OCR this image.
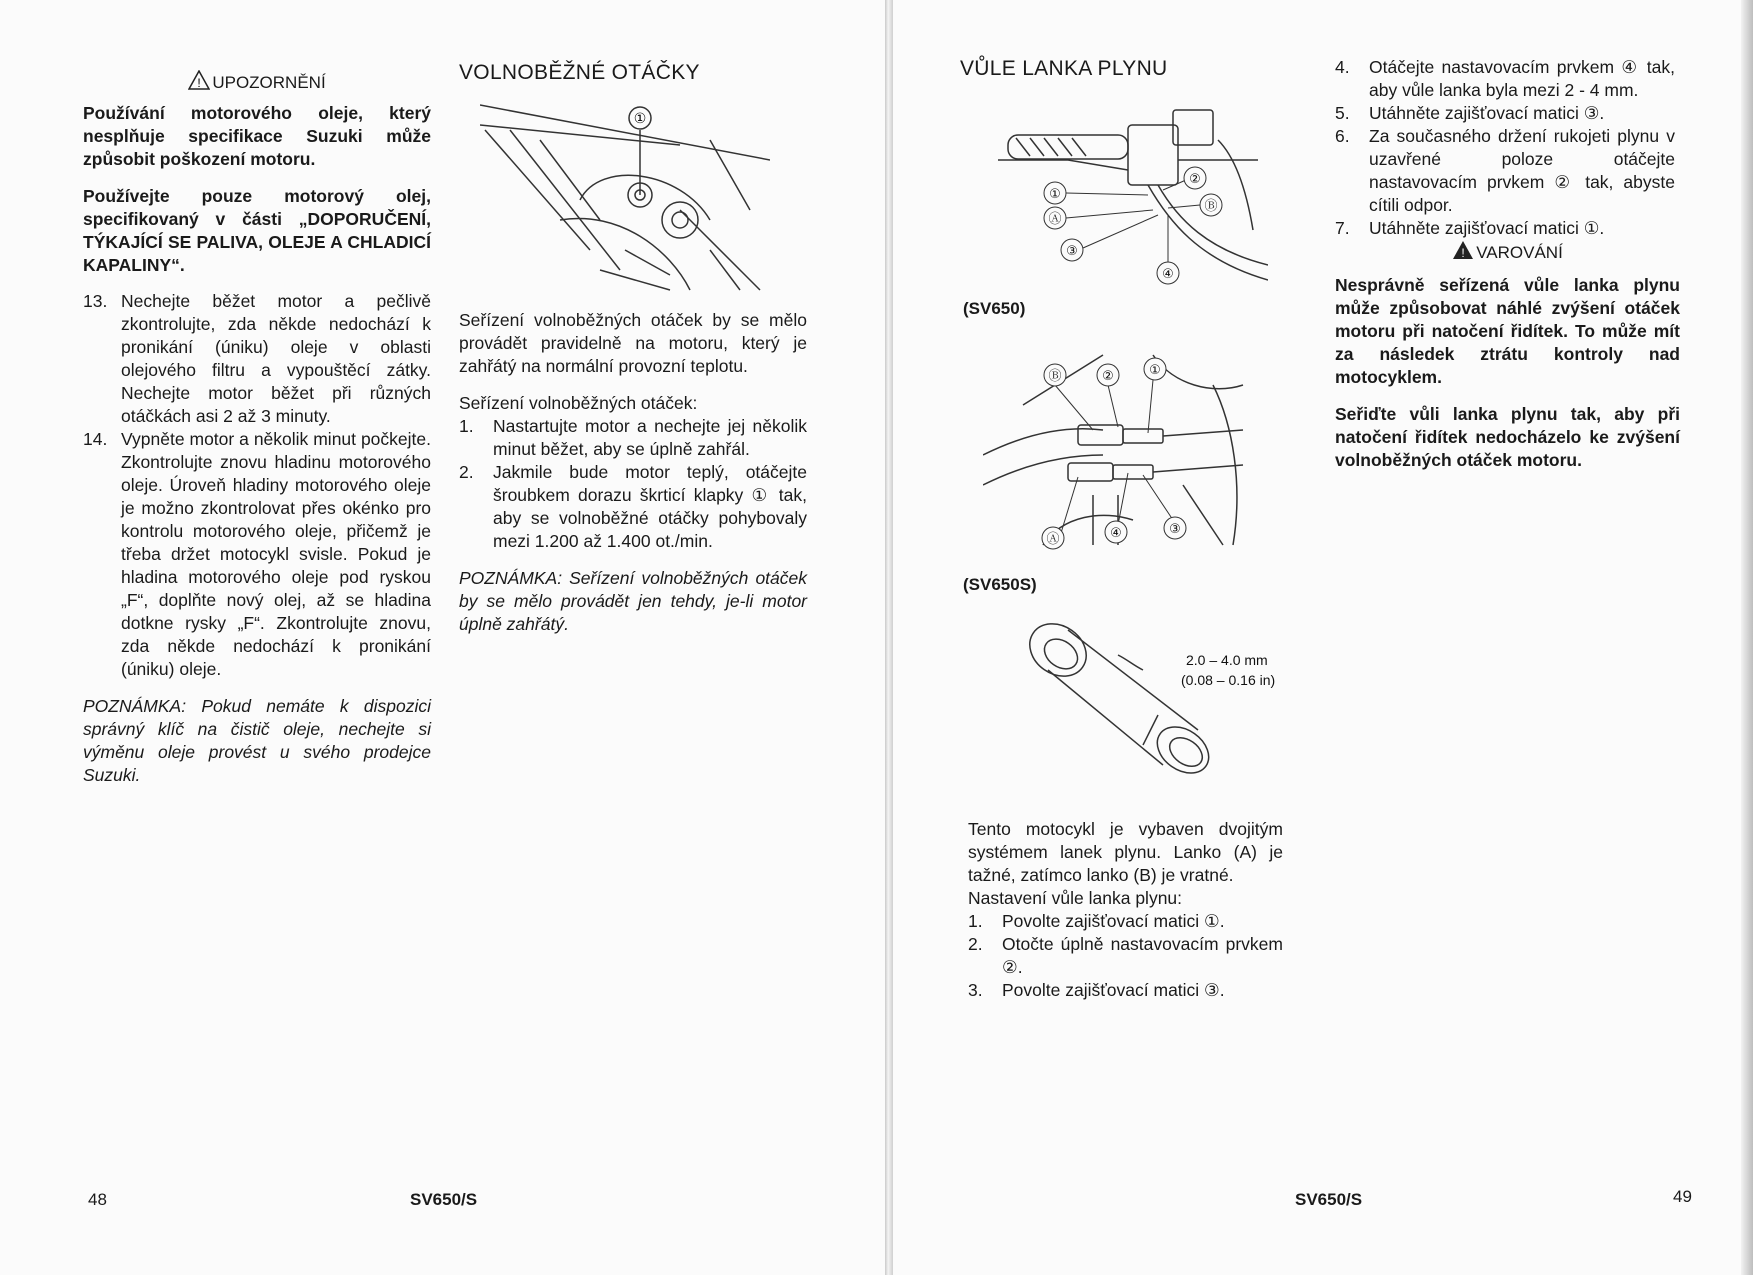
! UPOZORNĚNÍ

Používání motorového oleje, který nesplňuje specifikace Suzuki může způsobit poškození motoru.

Používejte pouze motorový olej, specifikovaný v části „DOPORUČENÍ, TÝKAJÍCÍ SE PALIVA, OLEJE A CHLADICÍ KAPALINY“.

13. Nechejte běžet motor a pečlivě zkontrolujte, zda někde nedochází k pronikání (úniku) oleje v oblasti olejového filtru a vypouštěcí zátky. Nechejte motor běžet při různých otáčkách asi 2 až 3 minuty.
14. Vypněte motor a několik minut počkejte. Zkontrolujte znovu hladinu motorového oleje. Úroveň hladiny motorového oleje je možno zkontrolovat přes okénko pro kontrolu motorového oleje, přičemž je třeba držet motocykl svisle. Pokud je hladina motorového oleje pod ryskou „F“, doplňte nový olej, až se hladina dotkne rysky „F“. Zkontrolujte znovu, zda někde nedochází k pronikání (úniku) oleje.

POZNÁMKA: Pokud nemáte k dispozici správný klíč na čistič oleje, nechejte si výměnu oleje provést u svého prodejce Suzuki.

VOLNOBĚŽNÉ OTÁČKY
①

Seřízení volnoběžných otáček by se mělo provádět pravidelně na motoru, který je zahřátý na normální provozní teplotu.

Seřízení volnoběžných otáček:

1. Nastartujte motor a nechejte jej několik minut běžet, aby se úplně zahřál.
2. Jakmile bude motor teplý, otáčejte šroubkem dorazu škrticí klapky ① tak, aby se volnoběžné otáčky pohybovaly mezi 1.200 až 1.400 ot./min.

POZNÁMKA: Seřízení volnoběžných otáček by se mělo provádět jen tehdy, je-li motor úplně zahřátý.

48	SV650/S
VŮLE LANKA PLYNU
①
Ⓐ
③
②
Ⓑ
④
(SV650)
Ⓑ	②	①
Ⓐ	④	③
(SV650S)
2.0 – 4.0 mm
(0.08 – 0.16 in)

Tento motocykl je vybaven dvojitým systémem lanek plynu. Lanko (A) je tažné, zatímco lanko (B) je vratné.

Nastavení vůle lanka plynu:

1. Povolte zajišťovací matici ①.
2. Otočte úplně nastavovacím prvkem ②.
3. Povolte zajišťovací matici ③.
4. Otáčejte nastavovacím prvkem ④ tak, aby vůle lanka byla mezi 2 - 4 mm.
5. Utáhněte zajišťovací matici ③.
6. Za současného držení rukojeti plynu v uzavřené poloze otáčejte nastavovacím prvkem ② tak, abyste cítili odpor.
7. Utáhněte zajišťovací matici ①.
! VAROVÁNÍ

Nesprávně seřízená vůle lanka plynu může způsobovat náhlé zvýšení otáček motoru při natočení řidítek. To může mít za následek ztrátu kontroly nad motocyklem.

Seřiďte vůli lanka plynu tak, aby při natočení řidítek nedocházelo ke zvýšení volnoběžných otáček motoru.

SV650/S	49
